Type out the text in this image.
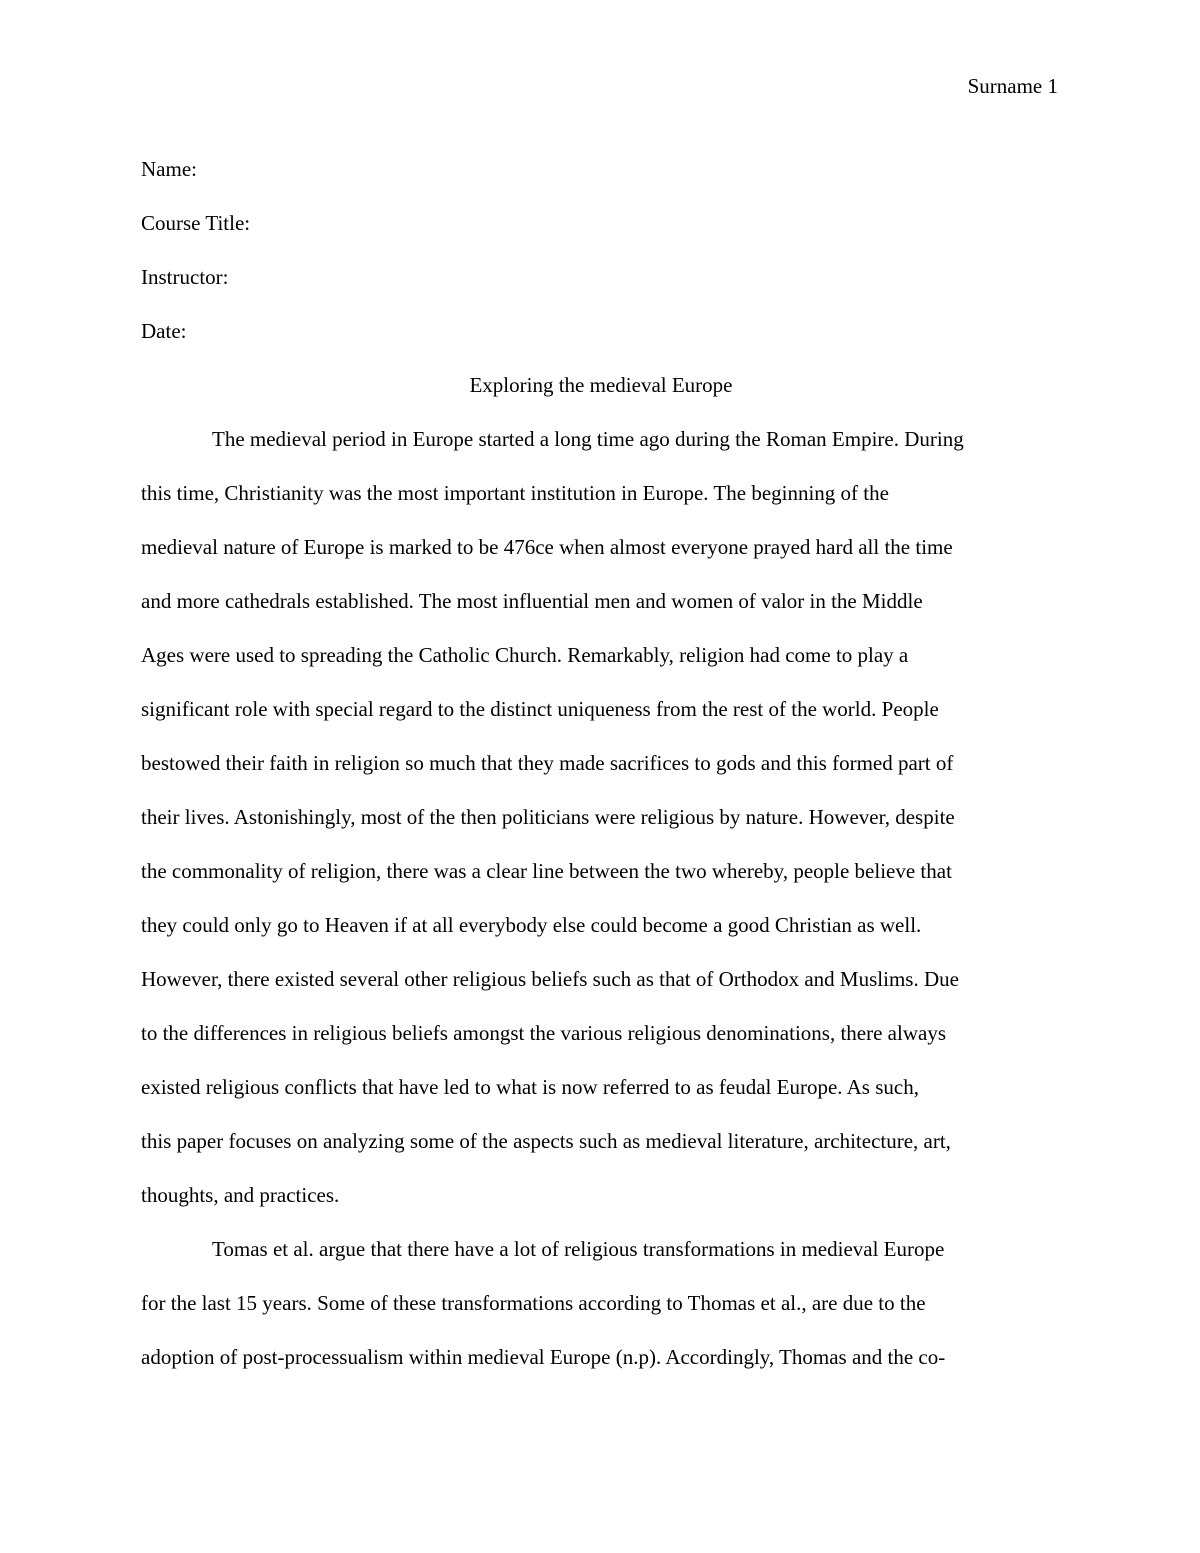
Surname 1
Name:
Course Title:
Instructor:
Date:
Exploring the medieval Europe
The medieval period in Europe started a long time ago during the Roman Empire. During
this time, Christianity was the most important institution in Europe. The beginning of the
medieval nature of Europe is marked to be 476ce when almost everyone prayed hard all the time
and more cathedrals established. The most influential men and women of valor in the Middle
Ages were used to spreading the Catholic Church. Remarkably, religion had come to play a
significant role with special regard to the distinct uniqueness from the rest of the world. People
bestowed their faith in religion so much that they made sacrifices to gods and this formed part of
their lives. Astonishingly, most of the then politicians were religious by nature. However, despite
the commonality of religion, there was a clear line between the two whereby, people believe that
they could only go to Heaven if at all everybody else could become a good Christian as well.
However, there existed several other religious beliefs such as that of Orthodox and Muslims. Due
to the differences in religious beliefs amongst the various religious denominations, there always
existed religious conflicts that have led to what is now referred to as feudal Europe. As such,
this paper focuses on analyzing some of the aspects such as medieval literature, architecture, art,
thoughts, and practices.
Tomas et al. argue that there have a lot of religious transformations in medieval Europe
for the last 15 years. Some of these transformations according to Thomas et al., are due to the
adoption of post-processualism within medieval Europe (n.p). Accordingly, Thomas and the co-
